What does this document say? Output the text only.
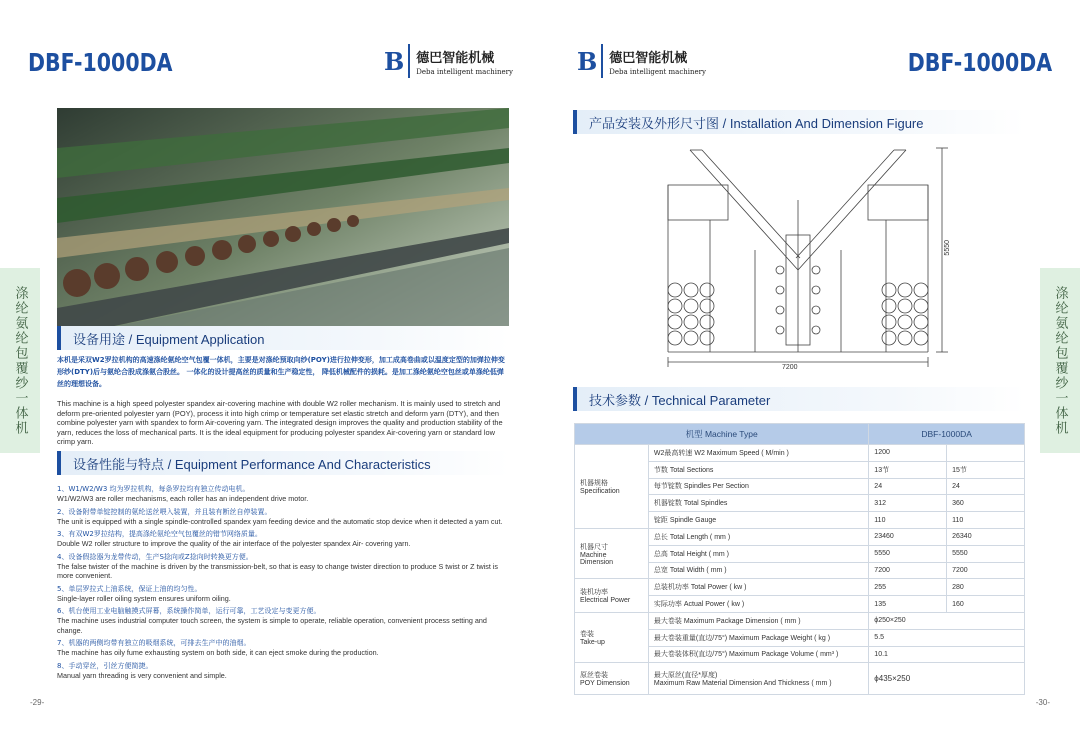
DBF-1000DA	B 德巴智能机械
Deba intelligent machinery	B 德巴智能机械
Deba intelligent machinery	DBF-1000DA
涤纶氨纶包覆纱一体机	涤纶氨纶包覆纱一体机
设备用途 / Equipment Application
本机是采双W2罗拉机构的高速涤纶氨纶空气包覆一体机，主要是对涤纶预取向纱(POY)进行拉伸变形，加工成高卷曲或以温度定型的加弹拉伸变形纱(DTY)后与氨纶合股成涤氨合股丝。 一体化的设计提高丝的质量和生产稳定性， 降低机械配件的损耗。是加工涤纶氨纶空包丝或单涤纶低弹丝的理想设备。
This machine is a high speed polyester spandex air-covering machine with double W2 roller mechanism. It is mainly used to stretch and deform pre-oriented polyester yarn (POY), process it into high crimp or temperature set elastic stretch and deform yarn (DTY), and then combine polyester yarn with spandex to form Air-covering yarn. The integrated design improves the quality and production stability of the yarn, reduces the loss of mechanical parts. It is the ideal equipment for producing polyester spandex Air-covering yarn or standard low crimp yarn.
设备性能与特点 / Equipment Performance And Characteristics
1、W1/W2/W3 均为罗拉机构，每条罗拉均有独立传动电机。
W1/W2/W3 are roller mechanisms, each roller has an independent drive motor.
2、设备附带单锭控制的氨纶送丝喂入装置，并且装有断丝自停装置。
The unit is equipped with a single spindle-controlled spandex yarn feeding device and the automatic stop device when it detected a yarn cut.
3、有双W2罗拉结构，提高涤纶氨纶空气包覆丝的错节网络质量。
Double W2 roller structure to improve the quality of the air interface of the polyester spandex Air- covering yarn.
4、设备假捻器为龙带传动，生产S捻向或Z捻向时转换更方便。
The false twister of the machine is driven by the transmission-belt, so that is easy to change twister direction to produce S twist or Z twist is more convenient.
5、单层罗拉式上油系统，保证上油的均匀性。
Single-layer roller oiling system ensures uniform oiling.
6、机台使用工业电脑触摸式屏幕，系统操作简单，运行可靠，工艺设定与变更方便。
The machine uses industrial computer touch screen, the system is simple to operate, reliable operation, convenient process setting and change.
7、机器的两侧均带有独立的吸烟系统，可排去生产中的油烟。
The machine has oily fume exhausting system on both side, it can eject smoke during the production.
8、手动穿丝，引丝方便简捷。
Manual yarn threading is very convenient and simple.
-29-
产品安装及外形尺寸图 / Installation And Dimension Figure
5550
7200
技术参数 / Technical Parameter
机型 Machine Type		DBF-1000DA	
机器规格
Specification	W2最高转速 W2 Maximum Speed ( M/min )	1200	
	节数 Total Sections	13节	15节
	每节锭数 Spindles Per Section	24	24
	机器锭数 Total Spindles	312	360
	锭距 Spindle Gauge	110	110
机器尺寸
Machine
Dimension	总长 Total Length ( mm )	23460	26340
	总高 Total Height ( mm )	5550	5550
	总宽 Total Width ( mm )	7200	7200
装机功率
Electrical Power	总装机功率 Total Power ( kw )	255	280
	实际功率 Actual Power ( kw )	135	160
卷装
Take-up	最大卷装 Maximum Package Dimension ( mm )	ϕ250×250	
	最大卷装重量(直边/75°) Maximum Package Weight ( kg )	5.5	
	最大卷装体积(直边/75°) Maximum Package Volume ( mm³ )	10.1	
原丝卷装
POY Dimension	最大原丝(直径*厚度)
Maximum Raw Material Dimension And Thickness ( mm )	ϕ435×250	
-30-
